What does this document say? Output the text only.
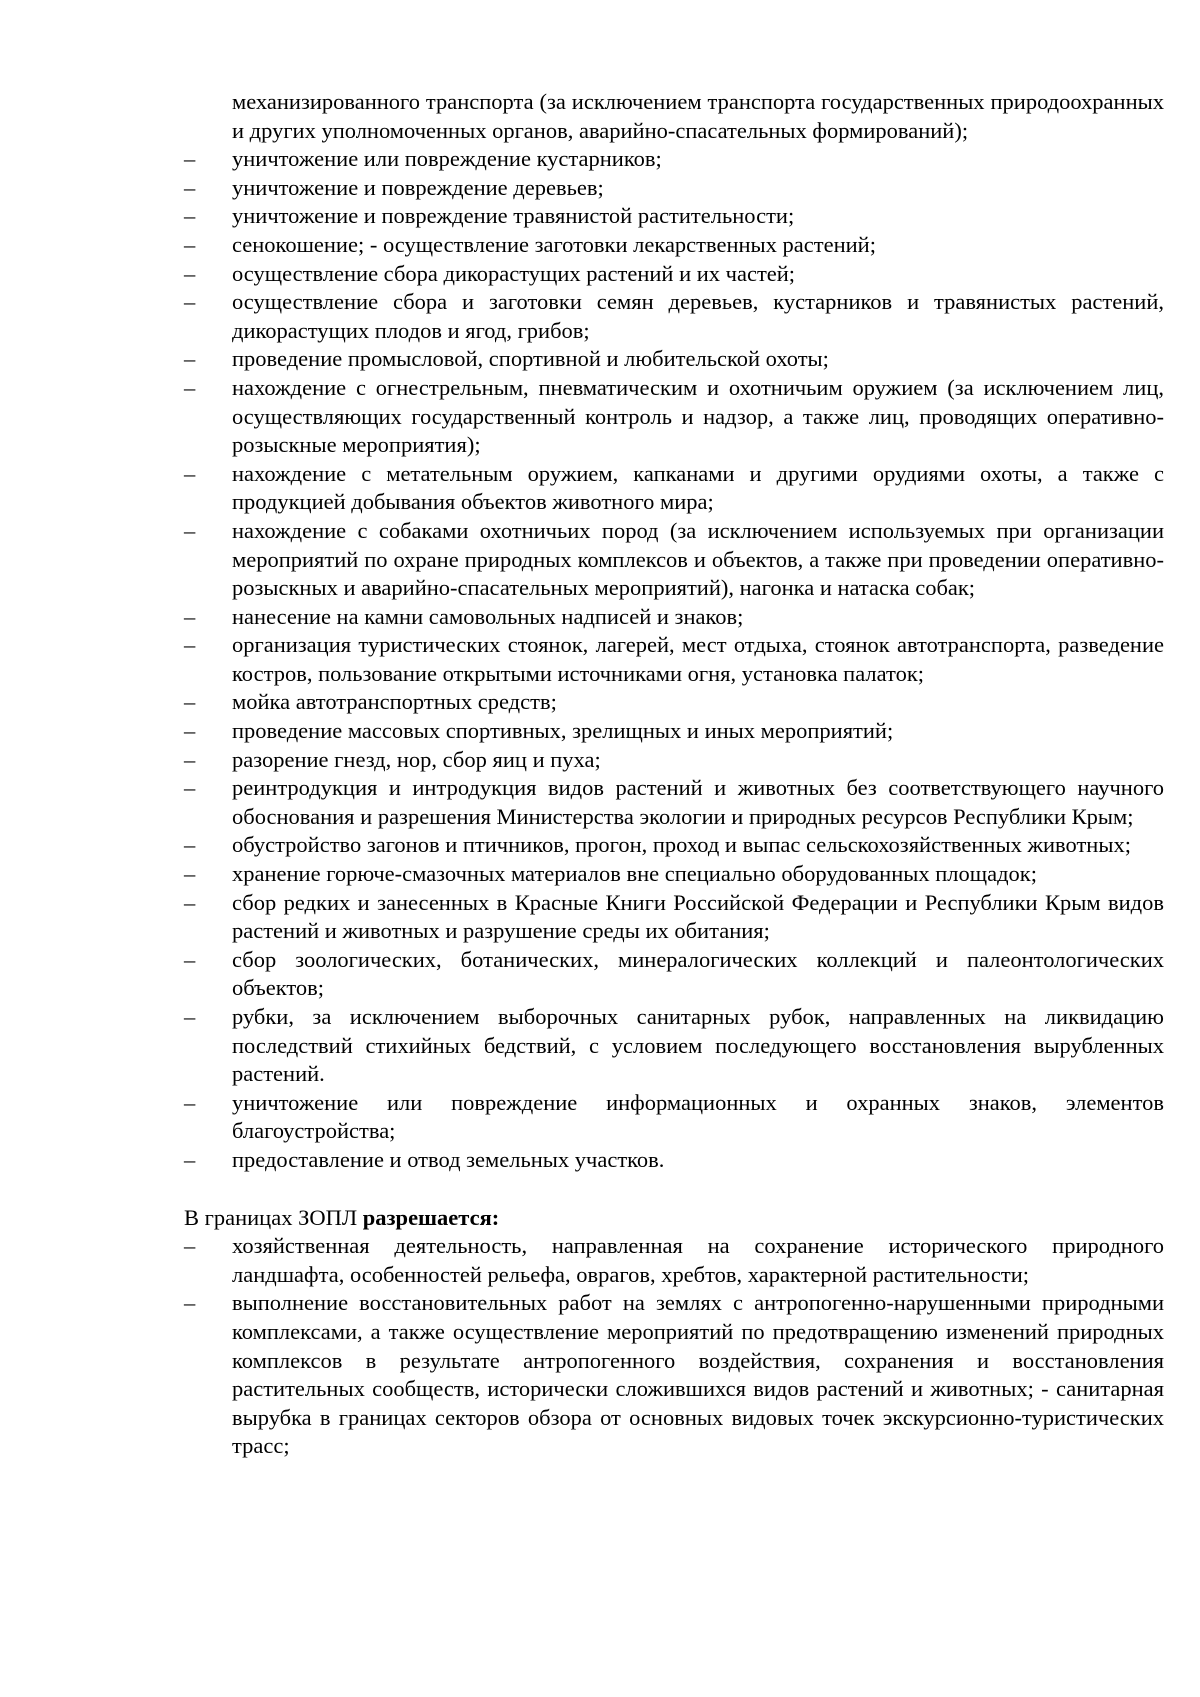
механизированного транспорта (за исключением транспорта государственных природоохранных и других уполномоченных органов, аварийно-спасательных формирований);
–	уничтожение или повреждение кустарников;
–	уничтожение и повреждение деревьев;
–	уничтожение и повреждение травянистой растительности;
–	сенокошение; - осуществление заготовки лекарственных растений;
–	осуществление сбора дикорастущих растений и их частей;
–	осуществление сбора и заготовки семян деревьев, кустарников и травянистых растений, дикорастущих плодов и ягод, грибов;
–	проведение промысловой, спортивной и любительской охоты;
–	нахождение с огнестрельным, пневматическим и охотничьим оружием (за исключением лиц, осуществляющих государственный контроль и надзор, а также лиц, проводящих оперативно-розыскные мероприятия);
–	нахождение с метательным оружием, капканами и другими орудиями охоты, а также с продукцией добывания объектов животного мира;
–	нахождение с собаками охотничьих пород (за исключением используемых при организации мероприятий по охране природных комплексов и объектов, а также при проведении оперативно-розыскных и аварийно-спасательных мероприятий), нагонка и натаска собак;
–	нанесение на камни самовольных надписей и знаков;
–	организация туристических стоянок, лагерей, мест отдыха, стоянок автотранспорта, разведение костров, пользование открытыми источниками огня, установка палаток;
–	мойка автотранспортных средств;
–	проведение массовых спортивных, зрелищных и иных мероприятий;
–	разорение гнезд, нор, сбор яиц и пуха;
–	реинтродукция и интродукция видов растений и животных без соответствующего научного обоснования и разрешения Министерства экологии и природных ресурсов Республики Крым;
–	обустройство загонов и птичников, прогон, проход и выпас сельскохозяйственных животных;
–	хранение горюче-смазочных материалов вне специально оборудованных площадок;
–	сбор редких и занесенных в Красные Книги Российской Федерации и Республики Крым видов растений и животных и разрушение среды их обитания;
–	сбор зоологических, ботанических, минералогических коллекций и палеонтологических объектов;
–	рубки, за исключением выборочных санитарных рубок, направленных на ликвидацию последствий стихийных бедствий, с условием последующего восстановления вырубленных растений.
–	уничтожение или повреждение информационных и охранных знаков, элементов благоустройства;
–	предоставление и отвод земельных участков.
В границах ЗОПЛ разрешается:
–	хозяйственная деятельность, направленная на сохранение исторического природного ландшафта, особенностей рельефа, оврагов, хребтов, характерной растительности;
–	выполнение восстановительных работ на землях с антропогенно-нарушенными природными комплексами, а также осуществление мероприятий по предотвращению изменений природных комплексов в результате антропогенного воздействия, сохранения и восстановления растительных сообществ, исторически сложившихся видов растений и животных; - санитарная вырубка в границах секторов обзора от основных видовых точек экскурсионно-туристических трасс;
